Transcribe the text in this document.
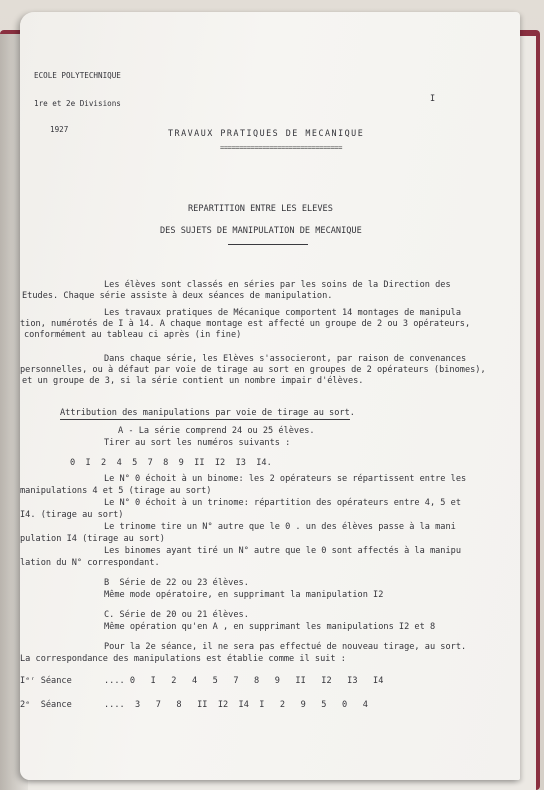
ECOLE POLYTECHNIQUE
1re et 2e Divisions
1927
I
TRAVAUX PRATIQUES DE MECANIQUE
================================
REPARTITION ENTRE LES ELEVES
DES SUJETS DE MANIPULATION DE MECANIQUE
Les élèves sont classés en séries par les soins de la Direction des
Etudes. Chaque série assiste à deux séances de manipulation.
Les travaux pratiques de Mécanique comportent 14 montages de manipula
tion, numérotés de I à 14. A chaque montage est affecté un groupe de 2 ou 3 opérateurs,
conformément au tableau ci après (in fine)
Dans chaque série, les Elèves s'associeront, par raison de convenances
personnelles, ou à défaut par voie de tirage au sort en groupes de 2 opérateurs (binomes),
et un groupe de 3, si la série contient un nombre impair d'élèves.
Attribution des manipulations par voie de tirage au sort.
A - La série comprend 24 ou 25 élèves.
Tirer au sort les numéros suivants :
0  I  2  4  5  7  8  9  II  I2  I3  I4.
Le N° 0 échoit à un binome: les 2 opérateurs se répartissent entre les
manipulations 4 et 5 (tirage au sort)
Le N° 0 échoit à un trinome: répartition des opérateurs entre 4, 5 et
I4. (tirage au sort)
Le trinome tire un N° autre que le 0 . un des élèves passe à la mani
pulation I4 (tirage au sort)
Les binomes ayant tiré un N° autre que le 0 sont affectés à la manipu
lation du N° correspondant.
B  Série de 22 ou 23 élèves.
Même mode opératoire, en supprimant la manipulation I2
C. Série de 20 ou 21 élèves.
Même opération qu'en A , en supprimant les manipulations I2 et 8
Pour la 2e séance, il ne sera pas effectué de nouveau tirage, au sort.
La correspondance des manipulations est établie comme il suit :
Iᵉʳ Séance	.... 0   I   2   4   5   7   8   9   II   I2   I3   I4
2ᵉ  Séance	....  3   7   8   II  I2  I4  I   2   9   5   0   4
